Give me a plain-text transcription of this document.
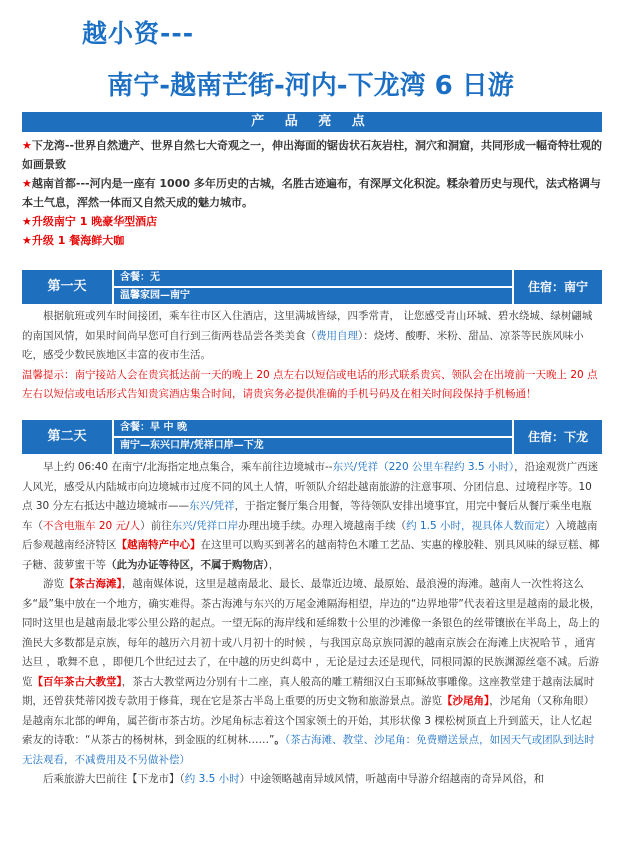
越小资---
南宁-越南芒街-河内-下龙湾 6 日游
产 品 亮 点

★下龙湾--世界自然遗产、世界自然七大奇观之一，伸出海面的锯齿状石灰岩柱，洞穴和洞窟，共同形成一幅奇特壮观的如画景致

★越南首都---河内是一座有 1000 多年历史的古城，名胜古迹遍布，有深厚文化积淀。糅杂着历史与现代，法式格调与本土气息，浑然一体而又自然天成的魅力城市。

★升级南宁 1 晚豪华型酒店

★升级 1 餐海鲜大咖

第一天
含餐：无
温馨家园—南宁
住宿：南宁

根据航班或列车时间接团，乘车往市区入住酒店，这里满城皆绿，四季常青， 让您感受青山环城、碧水绕城、绿树翩城的南国风情，如果时间尚早您可自行到三街两巷品尝各类美食（费用自理）：烧烤、酸嘢、米粉、甜品、凉茶等民族风味小吃，感受少数民族地区丰富的夜市生活。

温馨提示：南宁接站人会在贵宾抵达前一天的晚上 20 点左右以短信或电话的形式联系贵宾、领队会在出境前一天晚上 20 点左右以短信或电话形式告知贵宾酒店集合时间，请贵宾务必提供准确的手机号码及在相关时间段保持手机畅通！

第二天
含餐：早 中 晚
南宁—东兴口岸/凭祥口岸—下龙
住宿：下龙

早上约 06:40 在南宁/北海指定地点集合，乘车前往边境城市--东兴/凭祥（220 公里车程约 3.5 小时），沿途观赏广西迷人风光，感受从内陆城市向边境城市过度不同的风土人情，听领队介绍赴越南旅游的注意事项、分团信息、过境程序等。10 点 30 分左右抵达中越边境城市——东兴/凭祥，于指定餐厅集合用餐，等待领队安排出境事宜，用完中餐后从餐厅乘坐电瓶车（不含电瓶车 20 元/人）前往东兴/凭祥口岸办理出境手续。办理入境越南手续（约 1.5 小时，视具体人数而定）入境越南后参观越南经济特区【越南特产中心】在这里可以购买到著名的越南特色木雕工艺品、实惠的橡胶鞋、别具风味的绿豆糕、椰子糖、菠萝蜜干等（此为办证等待区，不属于购物店），

游览【茶古海滩】，越南媒体说，这里是越南最北、最长、最靠近边境、最原始、最浪漫的海滩。越南人一次性将这么多“最”集中放在一个地方，确实难得。茶古海滩与东兴的万尾金滩隔海相望，岸边的“边界地带”代表着这里是越南的最北极，同时这里也是越南最北零公里公路的起点。一望无际的海岸线和延绵数十公里的沙滩像一条银色的丝带镶嵌在半岛上，岛上的渔民大多数都是京族，每年的越历六月初十或八月初十的时候 ，与我国京岛京族同源的越南京族会在海滩上庆祝哈节 ，通宵达旦 ，歌舞不息 ，即便几个世纪过去了，在中越的历史纠葛中 ，无论是过去还是现代，同根同源的民族渊源丝毫不减。后游览【百年茶古大教堂】，茶古大教堂两边分别有十二座，真人般高的雕工精细汉白玉耶稣故事雕像。这座教堂建于越南法属时期，还曾获梵蒂冈拨专款用于修葺，现在它是茶古半岛上重要的历史文物和旅游景点。游览【沙尾角】，沙尾角（又称角眼）是越南东北部的岬角，属芒街市茶古坊。沙尾角标志着这个国家领土的开始，其形状像 3 棵松树顶直上升到蓝天，让人忆起索友的诗歌：“从茶古的杨树林，到金瓯的红树林……”。（茶古海滩、教堂、沙尾角：免费赠送景点，如因天气或团队到达时无法观看，不减费用及不另做补偿）

后乘旅游大巴前往【下龙市】（约 3.5 小时）中途领略越南异域风情，听越南中导游介绍越南的奇异风俗，和
